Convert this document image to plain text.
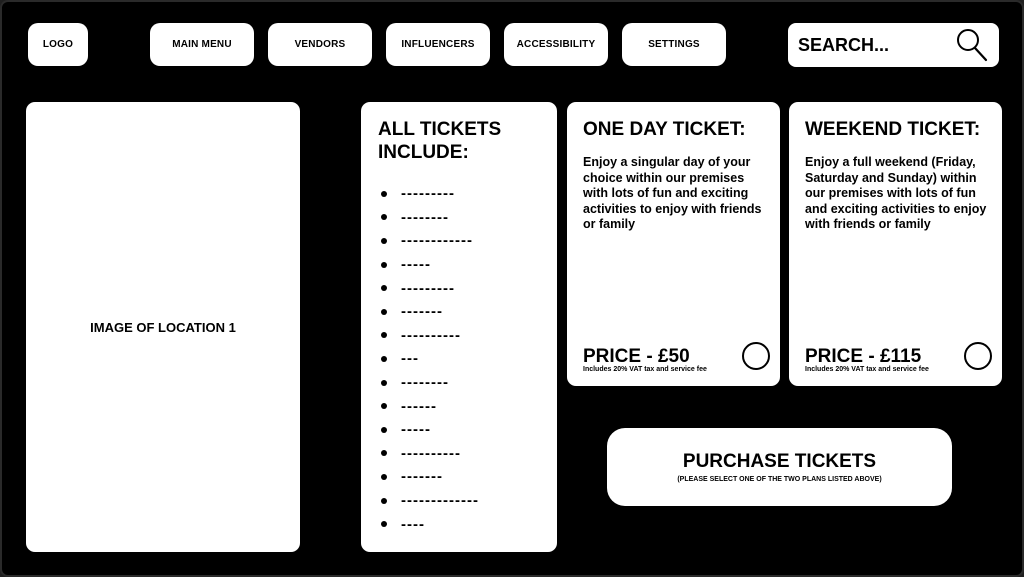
LOGO	MAIN MENU	VENDORS	INFLUENCERS	ACCESSIBILITY	SETTINGS	SEARCH...
IMAGE OF LOCATION 1
ALL TICKETS INCLUDE:
---------
--------
------------
-----
---------
-------
----------
---
--------
------
-----
----------
-------
-------------
----
ONE DAY TICKET:

Enjoy a singular day of your choice within our premises with lots of fun and exciting activities to enjoy with friends or family

PRICE - £50
Includes 20% VAT tax and service fee
WEEKEND TICKET:

Enjoy a full weekend (Friday, Saturday and Sunday) within our premises with lots of fun and exciting activities to enjoy with friends or family

PRICE - £115
Includes 20% VAT tax and service fee
PURCHASE TICKETS
(PLEASE SELECT ONE OF THE TWO PLANS LISTED ABOVE)
